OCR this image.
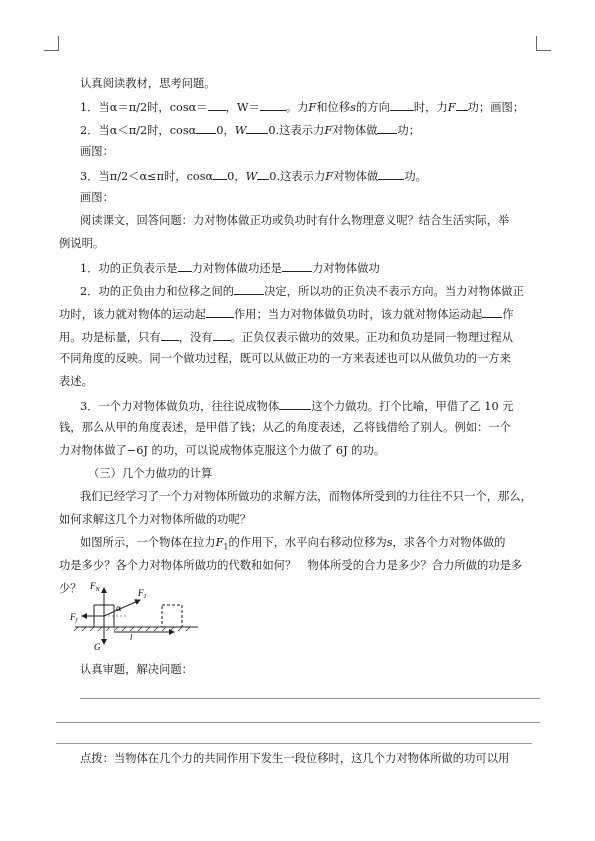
认真阅读教材，思考问题。
1．当α＝π/2时，cosα＝ ，W＝ 。力F和位移s的方向 时，力F 功；画图；
2．当α＜π/2时，cosα 0，W 0.这表示力F对物体做 功；
画图：
3．当π/2＜α≤π时，cosα 0，W 0.这表示力F对物体做 功。
画图：
阅读课文，回答问题：力对物体做正功或负功时有什么物理意义呢？结合生活实际，举
例说明。
1．功的正负表示是 力对物体做功还是	力对物体做功
2．功的正负由力和位移之间的	决定，所以功的正负决不表示方向。当力对物体做正
功时，该力就对物体的运动起 作用；当力对物体做负功时，该力就对物体运动起 作
用。功是标量，只有 ，没有 。正负仅表示做功的效果。正功和负功是同一物理过程从
不同角度的反映。同一个做功过程，既可以从做正功的一方来表述也可以从做负功的一方来
表述。
3．一个力对物体做负功，往往说成物体	这个力做功。打个比喻，甲借了乙 10 元
钱，那么从甲的角度表述，是甲借了钱；从乙的角度表述，乙将钱借给了别人。例如：一个
力对物体做了−6J 的功，可以说成物体克服这个力做了 6J 的功。
（三）几个力做功的计算
我们已经学习了一个力对物体所做功的求解方法，而物体所受到的力往往不只一个，那么，
如何求解这几个力对物体所做的功呢？
如图所示，一个物体在拉力$F_1$的作用下，水平向右移动位移为s，求各个力对物体做的
功是多少？各个力对物体所做功的代数和如何？　物体所受的合力是多少？合力所做的功是多
少？ $F_N$	$F_1$
α
$F_f$
G
l
认真审题，解决问题：
点拨：当物体在几个力的共同作用下发生一段位移时，这几个力对物体所做的功可以用
